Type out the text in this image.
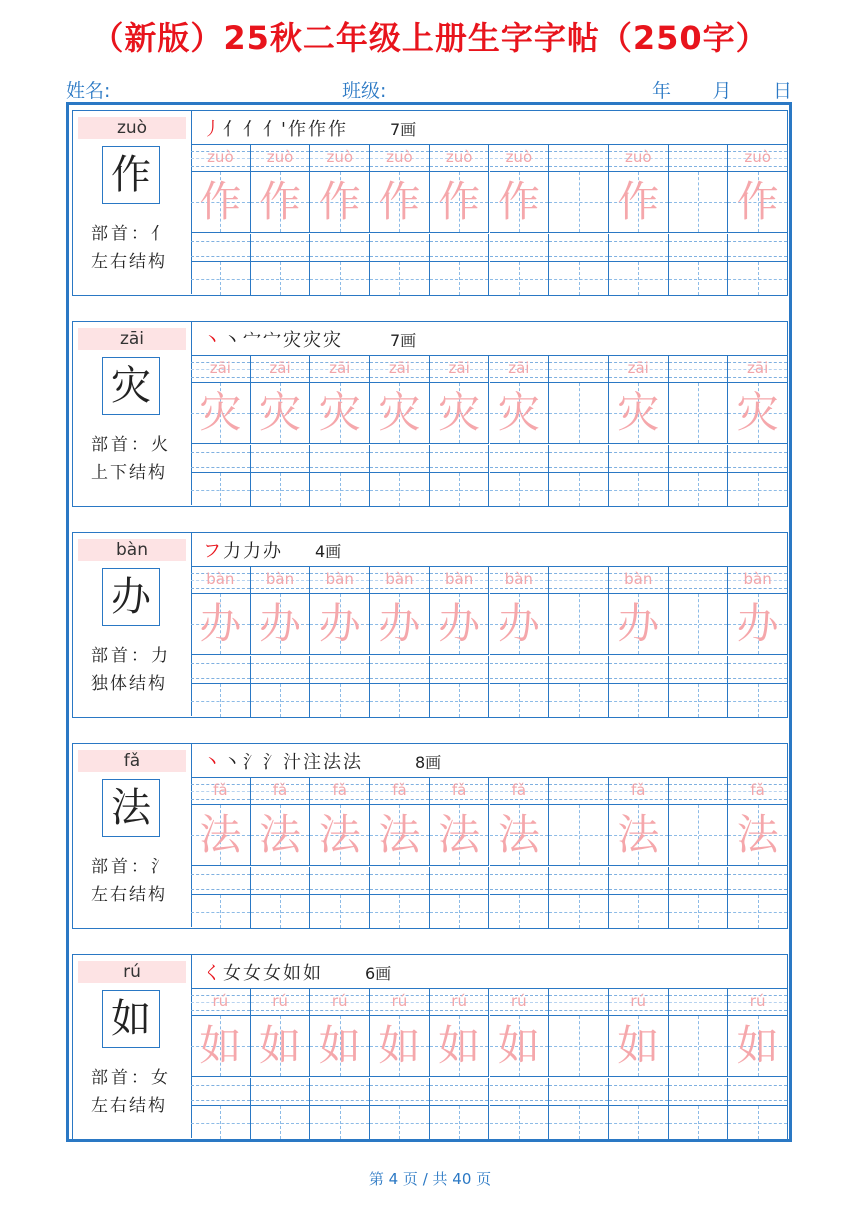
（新版）25秋二年级上册生字字帖（250字）
姓名:	班级:	年 月 日
zuò
作
部首：亻
左右结构
丿 亻 亻 亻' 作 作 作	7画
zuò
作
zuò
作
zuò
作
zuò
作
zuò
作
zuò
作
zuò
作
zuò
作
zāi
灾
部首：火
上下结构
丶 丶 宀 宀 灾 灾 灾	7画
zāi
灾
zāi
灾
zāi
灾
zāi
灾
zāi
灾
zāi
灾
zāi
灾
zāi
灾
bàn
办
部首：力
独体结构
フ 力 力 办 4画
bàn
办
bàn
办
bàn
办
bàn
办
bàn
办
bàn
办
bàn
办
bàn
办
fǎ
法
部首：氵
左右结构
丶 丶 氵 氵 汁 注 法 法	8画
fǎ
法
fǎ
法
fǎ
法
fǎ
法
fǎ
法
fǎ
法
fǎ
法
fǎ
法
rú
如
部首：女
左右结构
く 女 女 女 如 如	6画
rú
如
rú
如
rú
如
rú
如
rú
如
rú
如
rú
如
rú
如
第 4 页 / 共 40 页
